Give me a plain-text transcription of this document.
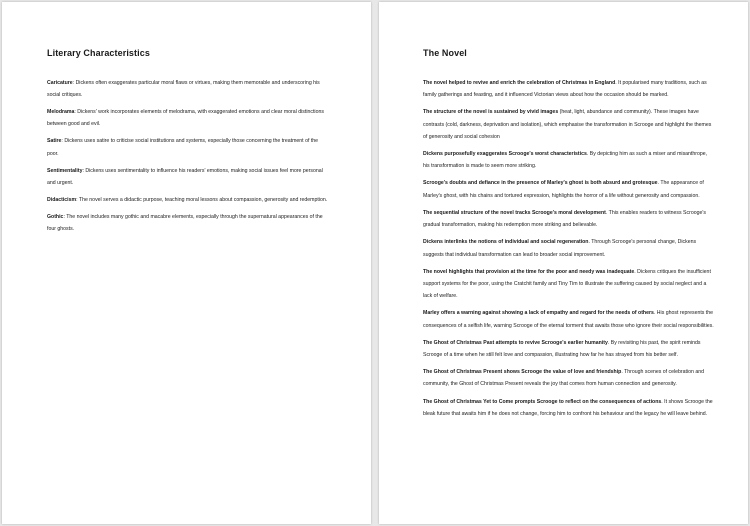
Literary Characteristics

Caricature: Dickens often exaggerates particular moral flaws or virtues, making them memorable and underscoring his social critiques.

Melodrama: Dickens' work incorporates elements of melodrama, with exaggerated emotions and clear moral distinctions between good and evil.

Satire: Dickens uses satire to criticise social institutions and systems, especially those concerning the treatment of the poor.

Sentimentality: Dickens uses sentimentality to influence his readers' emotions, making social issues feel more personal and urgent.

Didacticism: The novel serves a didactic purpose, teaching moral lessons about compassion, generosity and redemption.

Gothic: The novel includes many gothic and macabre elements, especially through the supernatural appearances of the four ghosts.

The Novel

The novel helped to revive and enrich the celebration of Christmas in England. It popularised many traditions, such as family gatherings and feasting, and it influenced Victorian views about how the occasion should be marked.

The structure of the novel is sustained by vivid images (heat, light, abundance and community). These images have contrasts (cold, darkness, deprivation and isolation), which emphasise the transformation in Scrooge and highlight the themes of generosity and social cohesion

Dickens purposefully exaggerates Scrooge's worst characteristics. By depicting him as such a miser and misanthrope, his transformation is made to seem more striking.

Scrooge's doubts and defiance in the presence of Marley's ghost is both absurd and grotesque. The appearance of Marley's ghost, with his chains and tortured expression, highlights the horror of a life without generosity and compassion.

The sequential structure of the novel tracks Scrooge's moral development. This enables readers to witness Scrooge's gradual transformation, making his redemption more striking and believable.

Dickens interlinks the notions of individual and social regeneration. Through Scrooge's personal change, Dickens suggests that individual transformation can lead to broader social improvement.

The novel highlights that provision at the time for the poor and needy was inadequate. Dickens critiques the insufficient support systems for the poor, using the Cratchit family and Tiny Tim to illustrate the suffering caused by social neglect and a lack of welfare.

Marley offers a warning against showing a lack of empathy and regard for the needs of others. His ghost represents the consequences of a selfish life, warning Scrooge of the eternal torment that awaits those who ignore their social responsibilities.

The Ghost of Christmas Past attempts to revive Scrooge's earlier humanity. By revisiting his past, the spirit reminds Scrooge of a time when he still felt love and compassion, illustrating how far he has strayed from his better self.

The Ghost of Christmas Present shows Scrooge the value of love and friendship. Through scenes of celebration and community, the Ghost of Christmas Present reveals the joy that comes from human connection and generosity.

The Ghost of Christmas Yet to Come prompts Scrooge to reflect on the consequences of actions. It shows Scrooge the bleak future that awaits him if he does not change, forcing him to confront his behaviour and the legacy he will leave behind.
